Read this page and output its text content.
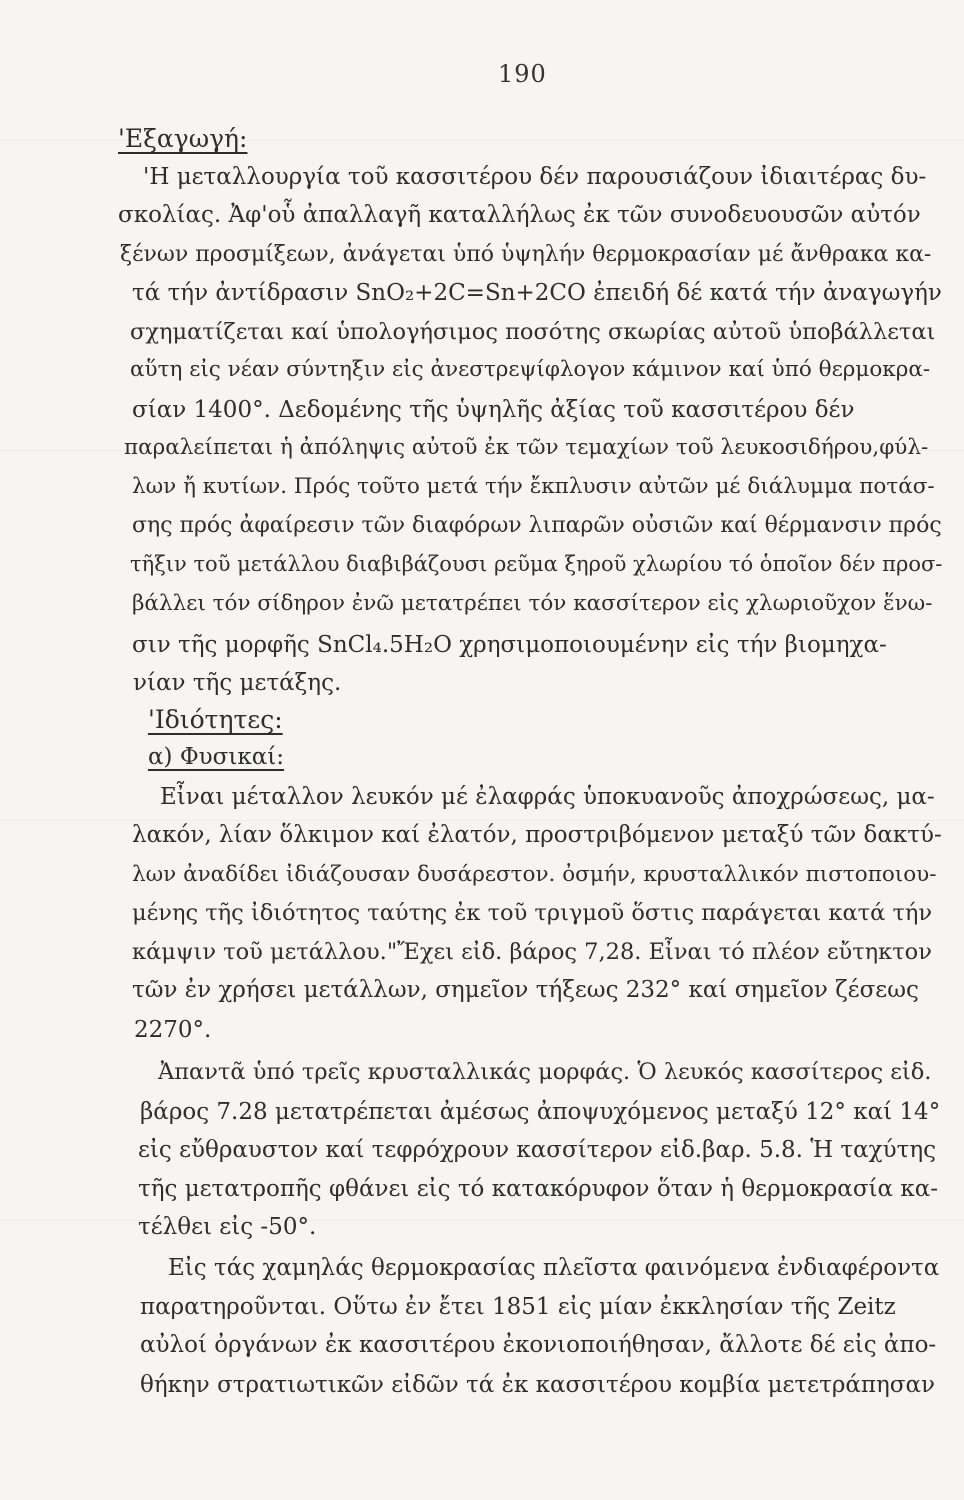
190
'Εξαγωγή:
'Η μεταλλουργία τοῦ κασσιτέρου δέν παρουσιάζουν ἰδιαιτέρας δυ-
σκολίας. Ἀφ'οὗ ἀπαλλαγῆ καταλλήλως ἐκ τῶν συνοδευουσῶν αὐτόν
ξένων προσμίξεων, ἀνάγεται ὑπό ὑψηλήν θερμοκρασίαν μέ ἄνθρακα κα-
τά τήν ἀντίδρασιν SnO₂+2C=Sn+2CO ἐπειδή δέ κατά τήν ἀναγωγήν
σχηματίζεται καί ὑπολογήσιμος ποσότης σκωρίας αὐτοῦ ὑποβάλλεται
αὕτη εἰς νέαν σύντηξιν εἰς ἀνεστρεψίφλογον κάμινον καί ὑπό θερμοκρα-
σίαν 1400°. Δεδομένης τῆς ὑψηλῆς ἀξίας τοῦ κασσιτέρου δέν
παραλείπεται ἡ ἀπόληψις αὐτοῦ ἐκ τῶν τεμαχίων τοῦ λευκοσιδήρου,φύλ-
λων ἤ κυτίων. Πρός τοῦτο μετά τήν ἔκπλυσιν αὐτῶν μέ διάλυμμα ποτάσ-
σης πρός ἀφαίρεσιν τῶν διαφόρων λιπαρῶν οὐσιῶν καί θέρμανσιν πρός
τῆξιν τοῦ μετάλλου διαβιβάζουσι ρεῦμα ξηροῦ χλωρίου τό ὁποῖον δέν προσ-
βάλλει τόν σίδηρον ἐνῶ μετατρέπει τόν κασσίτερον εἰς χλωριοῦχον ἕνω-
σιν τῆς μορφῆς SnCl₄.5H₂O χρησιμοποιουμένην εἰς τήν βιομηχα-
νίαν τῆς μετάξης.
'Ιδιότητες:
α) Φυσικαί:
Εἶναι μέταλλον λευκόν μέ ἐλαφράς ὑποκυανοῦς ἀποχρώσεως, μα-
λακόν, λίαν ὅλκιμον καί ἐλατόν, προστριβόμενον μεταξύ τῶν δακτύ-
λων ἀναδίδει ἰδιάζουσαν δυσάρεστον. ὀσμήν, κρυσταλλικόν πιστοποιου-
μένης τῆς ἰδιότητος ταύτης ἐκ τοῦ τριγμοῦ ὅστις παράγεται κατά τήν
κάμψιν τοῦ μετάλλου."Ἔχει εἰδ. βάρος 7,28. Εἶναι τό πλέον εὔτηκτον
τῶν ἐν χρήσει μετάλλων, σημεῖον τήξεως 232° καί σημεῖον ζέσεως
2270°.
Ἀπαντᾶ ὑπό τρεῖς κρυσταλλικάς μορφάς. Ὁ λευκός κασσίτερος εἰδ.
βάρος 7.28 μετατρέπεται ἀμέσως ἀποψυχόμενος μεταξύ 12° καί 14°
εἰς εὔθραυστον καί τεφρόχρουν κασσίτερον εἰδ.βαρ. 5.8. Ἡ ταχύτης
τῆς μετατροπῆς φθάνει εἰς τό κατακόρυφον ὅταν ἡ θερμοκρασία κα-
τέλθει εἰς -50°.
Εἰς τάς χαμηλάς θερμοκρασίας πλεῖστα φαινόμενα ἐνδιαφέροντα
παρατηροῦνται. Οὕτω ἐν ἔτει 1851 εἰς μίαν ἐκκλησίαν τῆς Zeitz
αὐλοί ὀργάνων ἐκ κασσιτέρου ἐκονιοποιήθησαν, ἄλλοτε δέ εἰς ἀπο-
θήκην στρατιωτικῶν εἰδῶν τά ἐκ κασσιτέρου κομβία μετετράπησαν
